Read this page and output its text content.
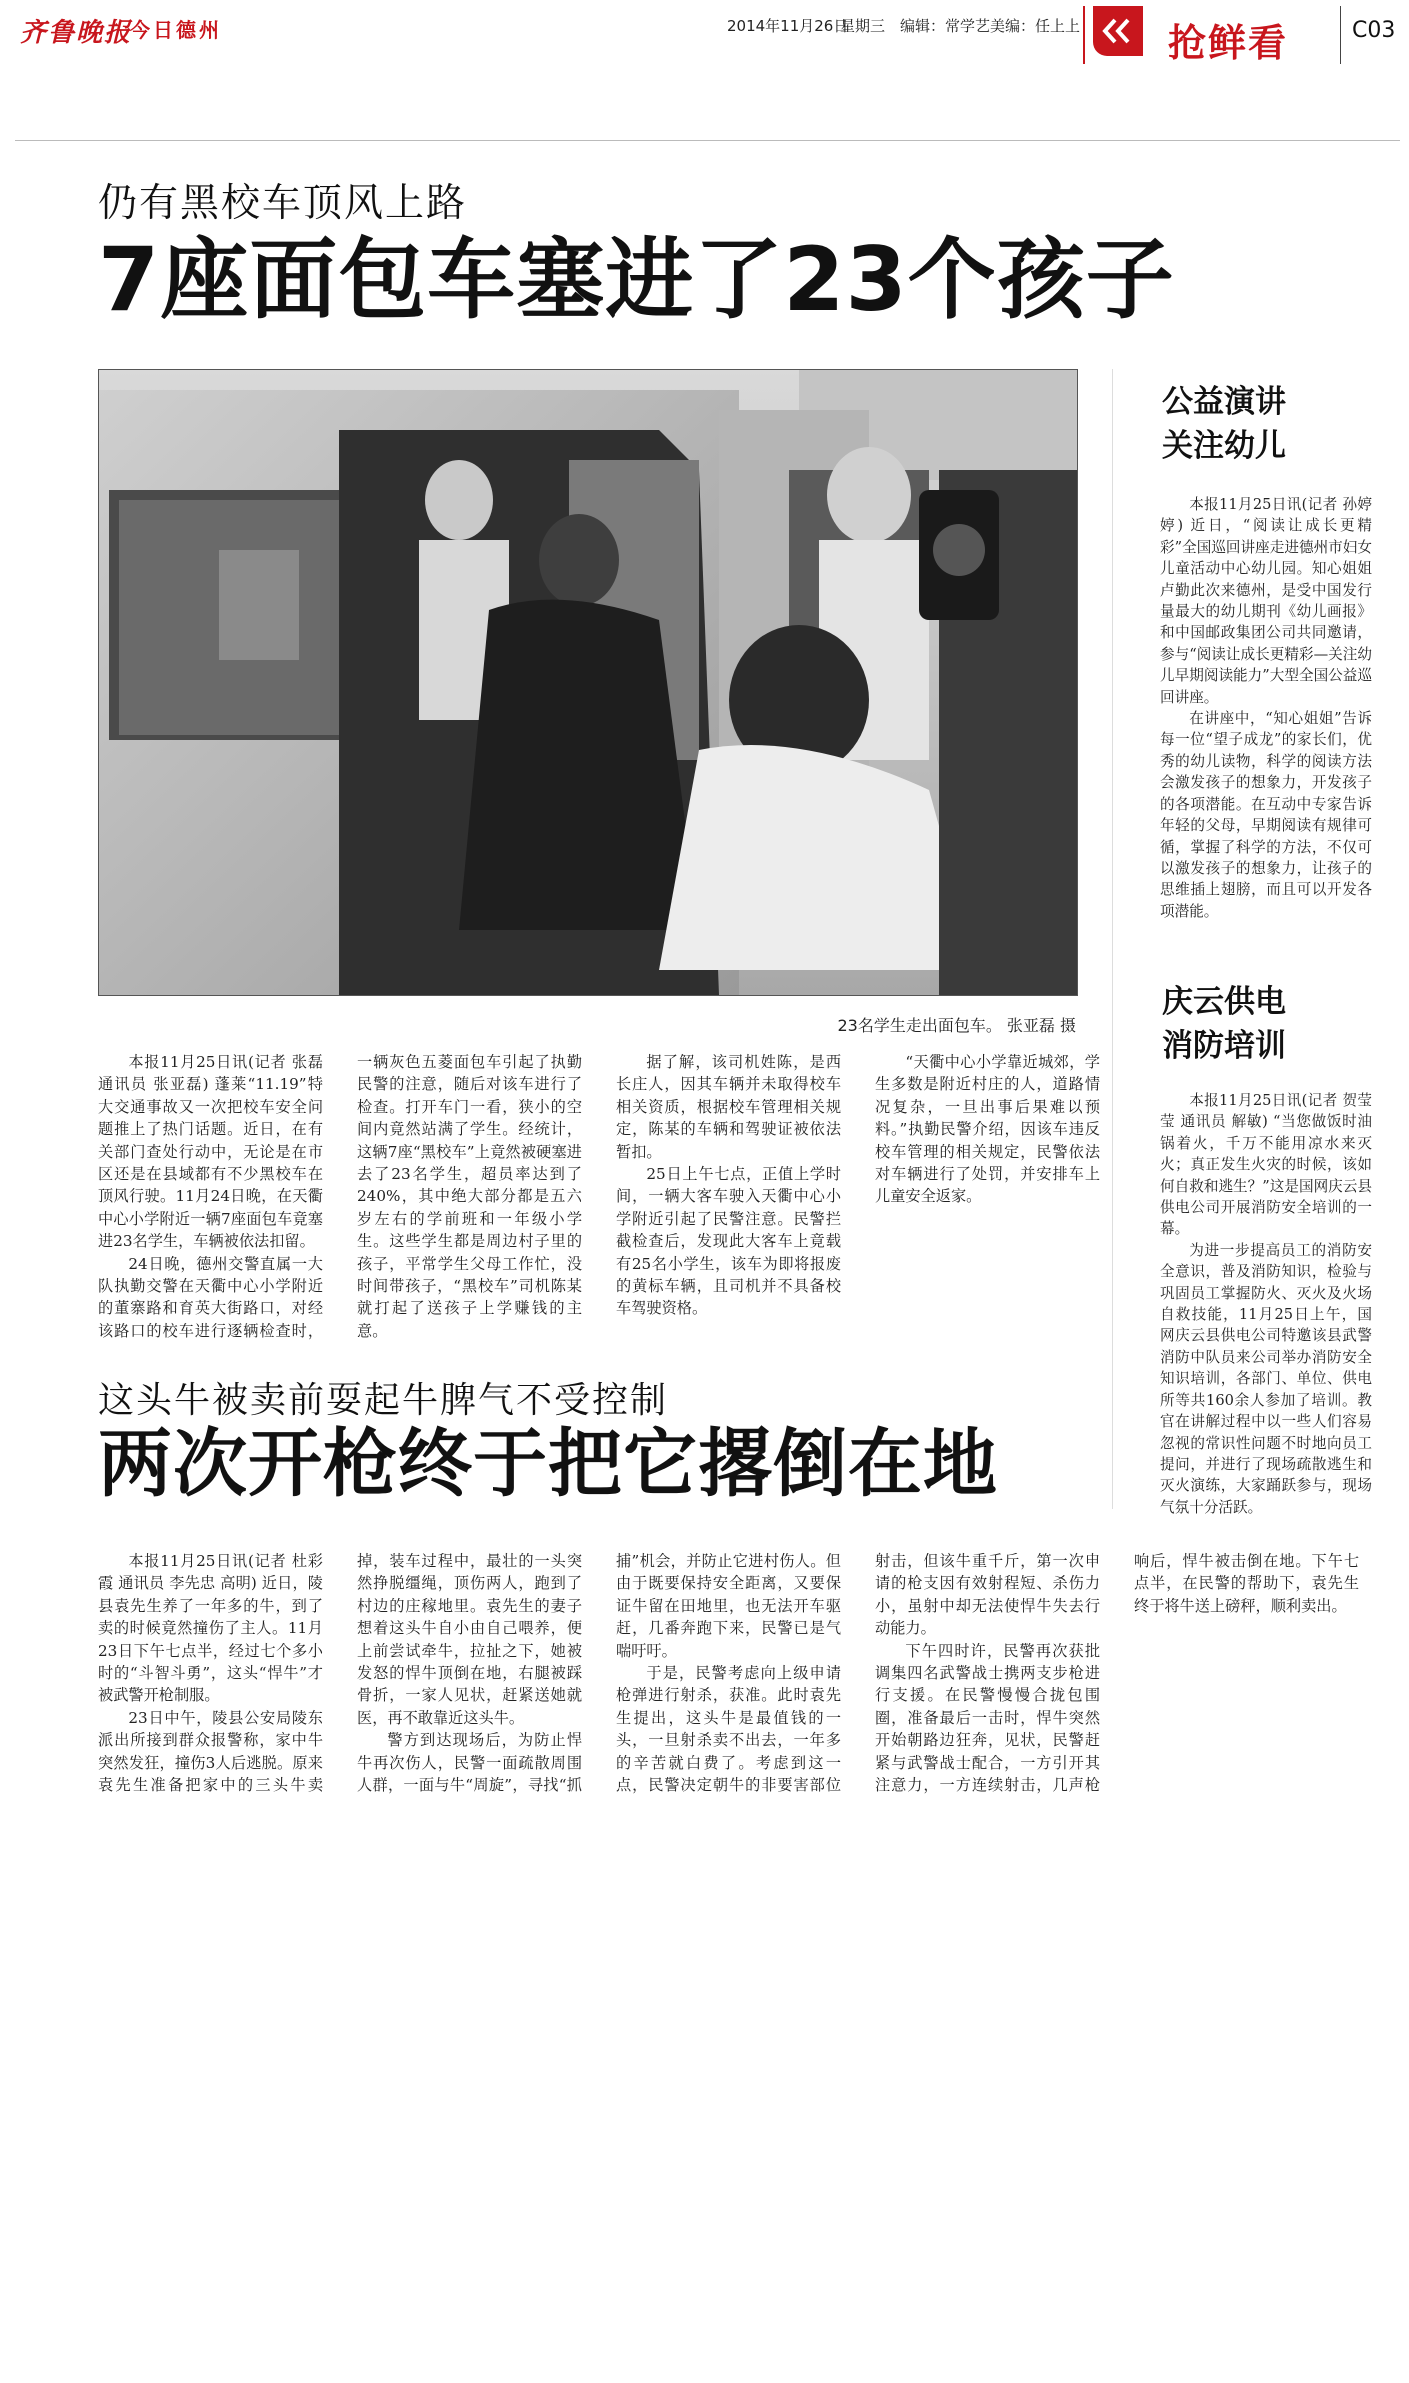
齐鲁晚报
今日德州	2014年11月26日
星期三 编辑：常学艺 美编：任上上 抢鲜看	C03
仍有黑校车顶风上路
7座面包车塞进了23个孩子
23名学生走出面包车。 张亚磊 摄

本报11月25日讯(记者 张磊 通讯员 张亚磊) 蓬莱“11.19”特大交通事故又一次把校车安全问题推上了热门话题。近日，在有关部门查处行动中，无论是在市区还是在县域都有不少黑校车在顶风行驶。11月24日晚，在天衢中心小学附近一辆7座面包车竟塞进23名学生，车辆被依法扣留。

24日晚，德州交警直属一大队执勤交警在天衢中心小学附近的董寨路和育英大街路口，对经该路口的校车进行逐辆检查时，一辆灰色五菱面包车引起了执勤民警的注意，随后对该车进行了检查。打开车门一看，狭小的空间内竟然站满了学生。经统计，这辆7座“黑校车”上竟然被硬塞进去了23名学生，超员率达到了240%，其中绝大部分都是五六岁左右的学前班和一年级小学生。这些学生都是周边村子里的孩子，平常学生父母工作忙，没时间带孩子，“黑校车”司机陈某就打起了送孩子上学赚钱的主意。

据了解，该司机姓陈，是西长庄人，因其车辆并未取得校车相关资质，根据校车管理相关规定，陈某的车辆和驾驶证被依法暂扣。

25日上午七点，正值上学时间，一辆大客车驶入天衢中心小学附近引起了民警注意。民警拦截检查后，发现此大客车上竟载有25名小学生，该车为即将报废的黄标车辆，且司机并不具备校车驾驶资格。

“天衢中心小学靠近城郊，学生多数是附近村庄的人，道路情况复杂，一旦出事后果难以预料。”执勤民警介绍，因该车违反校车管理的相关规定，民警依法对车辆进行了处罚，并安排车上儿童安全返家。

这头牛被卖前耍起牛脾气不受控制
两次开枪终于把它撂倒在地

本报11月25日讯(记者 杜彩霞 通讯员 李先忠 高明) 近日，陵县袁先生养了一年多的牛，到了卖的时候竟然撞伤了主人。11月23日下午七点半，经过七个多小时的“斗智斗勇”，这头“悍牛”才被武警开枪制服。

23日中午，陵县公安局陵东派出所接到群众报警称，家中牛突然发狂，撞伤3人后逃脱。原来袁先生准备把家中的三头牛卖掉，装车过程中，最壮的一头突然挣脱缰绳，顶伤两人，跑到了村边的庄稼地里。袁先生的妻子想着这头牛自小由自己喂养，便上前尝试牵牛，拉扯之下，她被发怒的悍牛顶倒在地，右腿被踩骨折，一家人见状，赶紧送她就医，再不敢靠近这头牛。

警方到达现场后，为防止悍牛再次伤人，民警一面疏散周围人群，一面与牛“周旋”，寻找“抓捕”机会，并防止它进村伤人。但由于既要保持安全距离，又要保证牛留在田地里，也无法开车驱赶，几番奔跑下来，民警已是气喘吁吁。

于是，民警考虑向上级申请枪弹进行射杀，获准。此时袁先生提出，这头牛是最值钱的一头，一旦射杀卖不出去，一年多的辛苦就白费了。考虑到这一点，民警决定朝牛的非要害部位射击，但该牛重千斤，第一次申请的枪支因有效射程短、杀伤力小，虽射中却无法使悍牛失去行动能力。

下午四时许，民警再次获批调集四名武警战士携两支步枪进行支援。在民警慢慢合拢包围圈，准备最后一击时，悍牛突然开始朝路边狂奔，见状，民警赶紧与武警战士配合，一方引开其注意力，一方连续射击，几声枪响后，悍牛被击倒在地。下午七点半，在民警的帮助下，袁先生终于将牛送上磅秤，顺利卖出。

公益演讲
关注幼儿

本报11月25日讯(记者 孙婷婷) 近日，“阅读让成长更精彩”全国巡回讲座走进德州市妇女儿童活动中心幼儿园。知心姐姐卢勤此次来德州，是受中国发行量最大的幼儿期刊《幼儿画报》和中国邮政集团公司共同邀请，参与“阅读让成长更精彩—关注幼儿早期阅读能力”大型全国公益巡回讲座。

在讲座中，“知心姐姐”告诉每一位“望子成龙”的家长们，优秀的幼儿读物，科学的阅读方法会激发孩子的想象力，开发孩子的各项潜能。在互动中专家告诉年轻的父母，早期阅读有规律可循，掌握了科学的方法，不仅可以激发孩子的想象力，让孩子的思维插上翅膀，而且可以开发各项潜能。

庆云供电
消防培训

本报11月25日讯(记者 贺莹莹 通讯员 解敏) “当您做饭时油锅着火，千万不能用凉水来灭火；真正发生火灾的时候，该如何自救和逃生？”这是国网庆云县供电公司开展消防安全培训的一幕。

为进一步提高员工的消防安全意识，普及消防知识，检验与巩固员工掌握防火、灭火及火场自救技能，11月25日上午，国网庆云县供电公司特邀该县武警消防中队员来公司举办消防安全知识培训，各部门、单位、供电所等共160余人参加了培训。教官在讲解过程中以一些人们容易忽视的常识性问题不时地向员工提问，并进行了现场疏散逃生和灭火演练，大家踊跃参与，现场气氛十分活跃。
